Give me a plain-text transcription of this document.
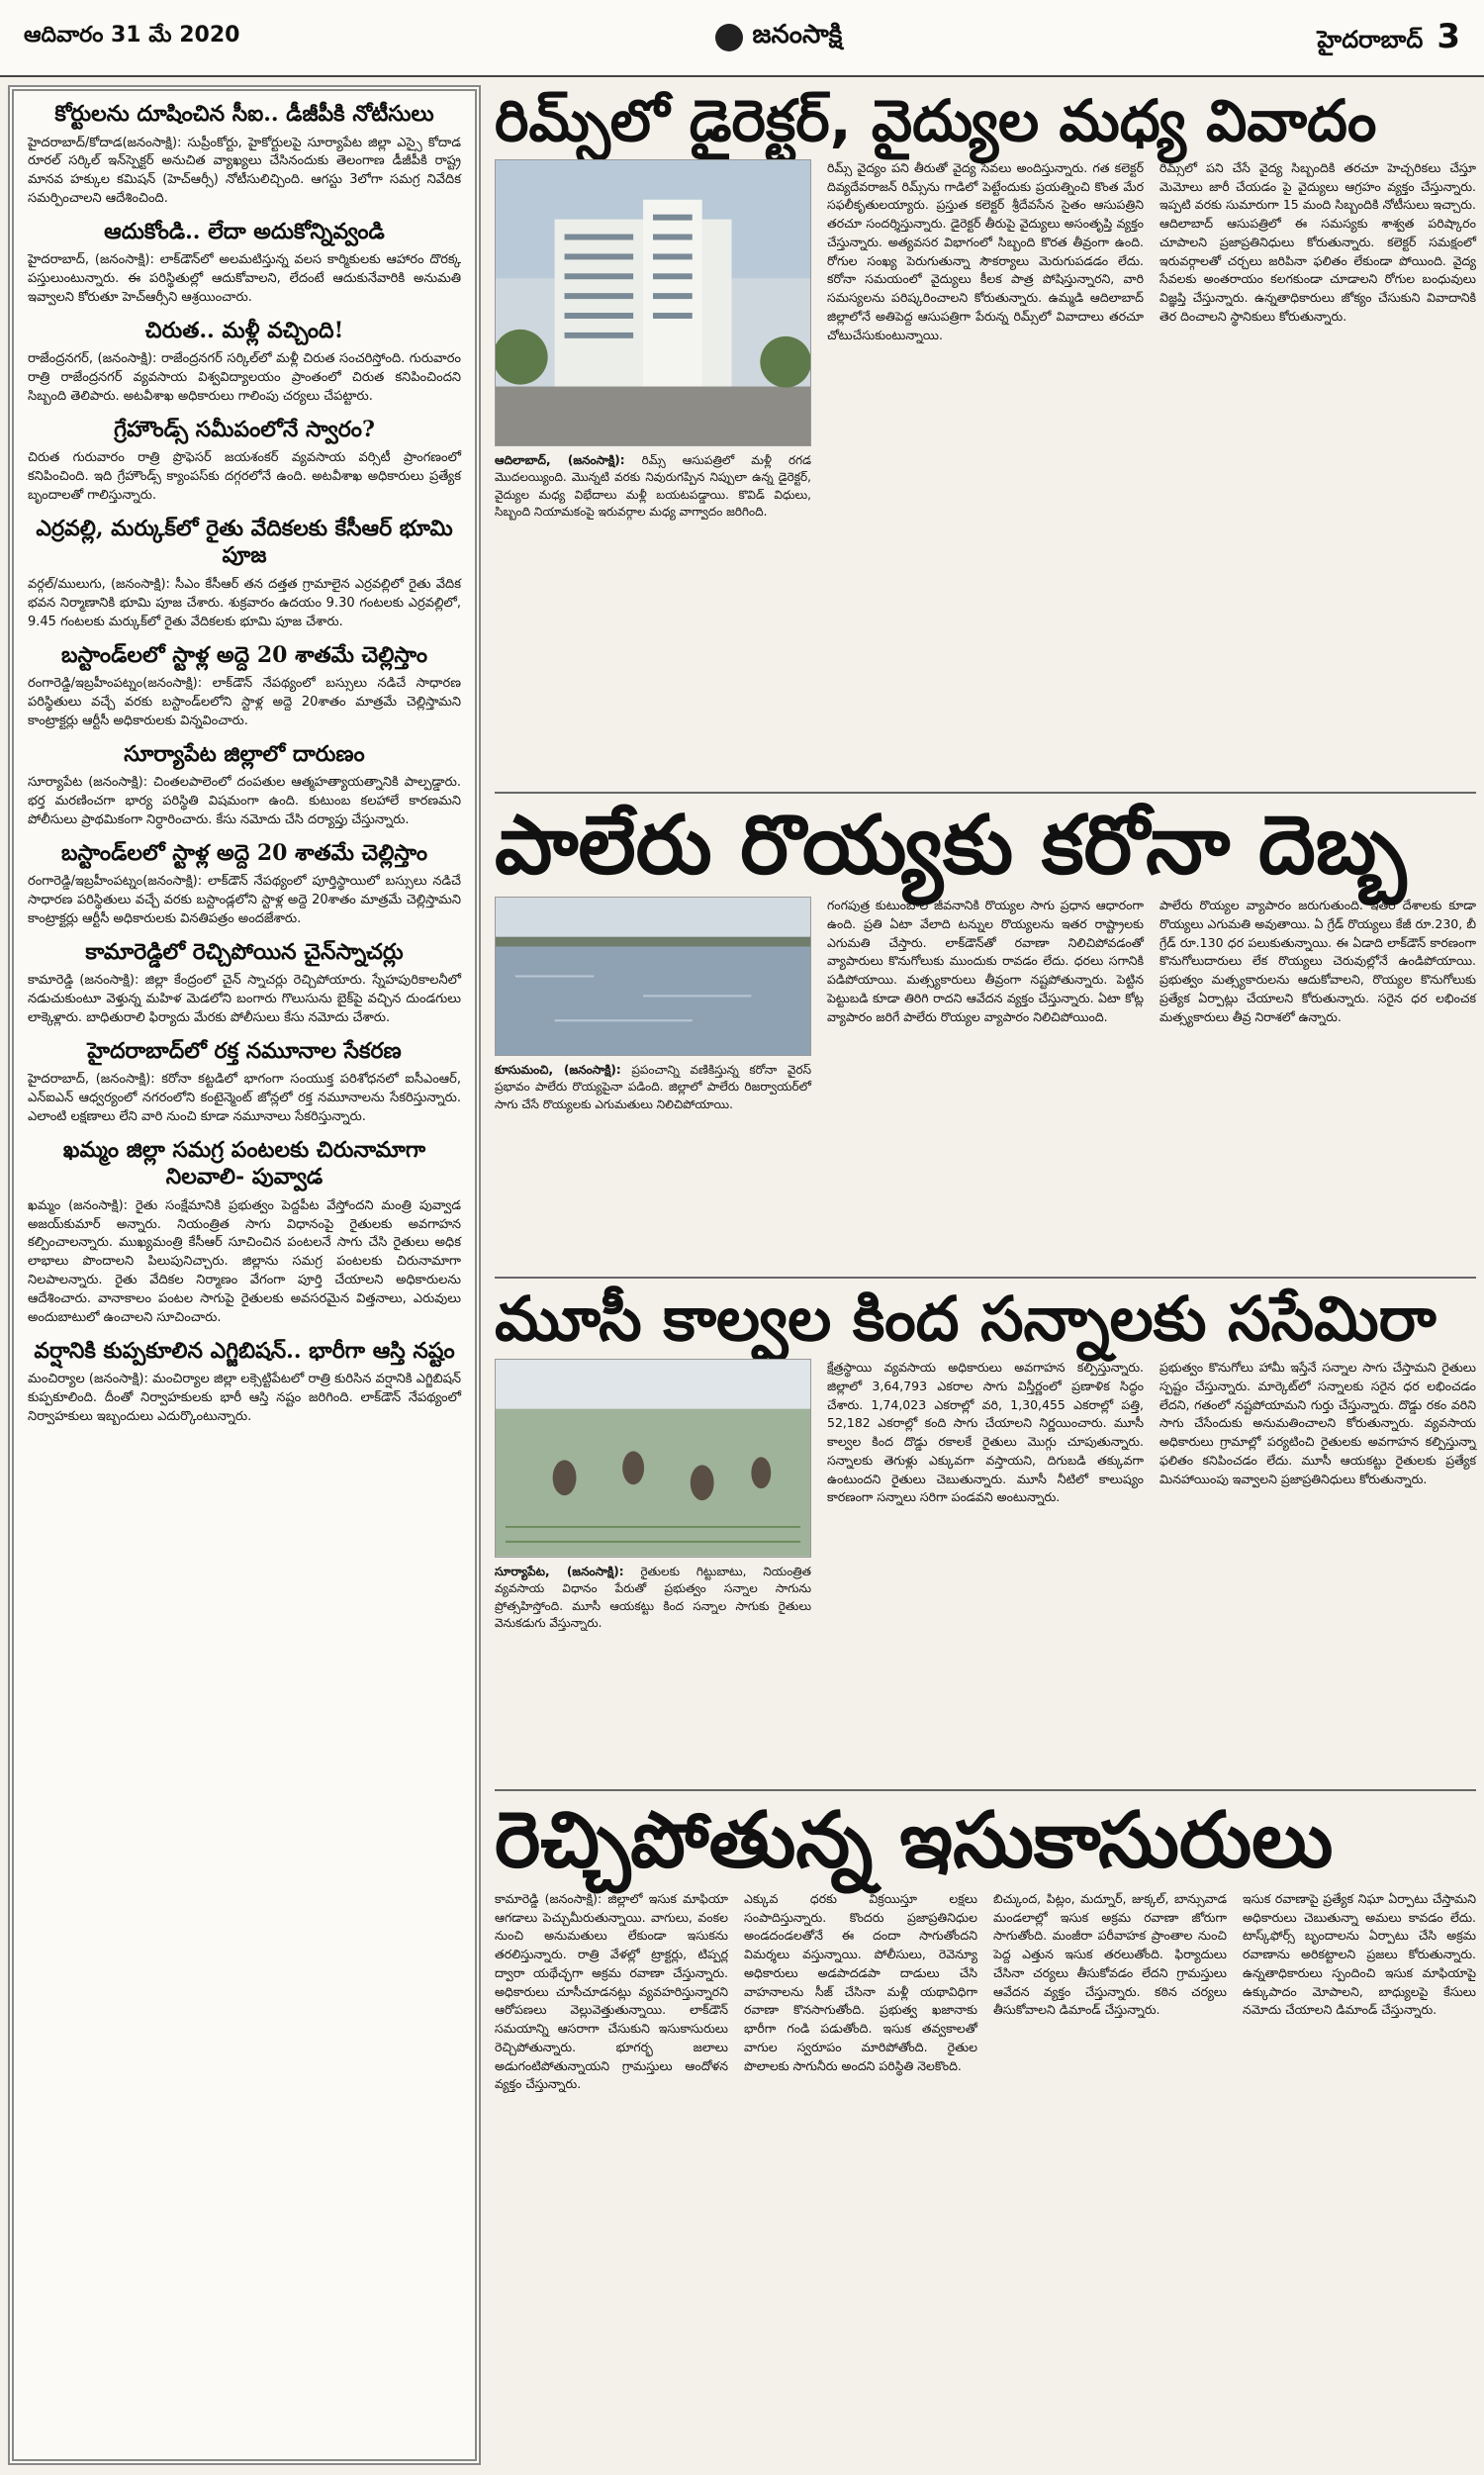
ఆదివారం 31 మే 2020	జనంసాక్షి	హైదరాబాద్ 3
కోర్టులను దూషించిన సీఐ.. డీజీపీకి నోటీసులు

హైదరాబాద్‌/కోదాడ(జనంసాక్షి): సుప్రీంకోర్టు, హైకోర్టులపై సూర్యాపేట జిల్లా ఎస్సై కోదాడ రూరల్ సర్కిల్ ఇన్‌స్పెక్టర్ అనుచిత వ్యాఖ్యలు చేసినందుకు తెలంగాణ డీజీపీకి రాష్ట్ర మానవ హక్కుల కమిషన్ (హెచ్ఆర్సీ) నోటీసులిచ్చింది. ఆగస్టు 3లోగా సమగ్ర నివేదిక సమర్పించాలని ఆదేశించింది.

ఆదుకోండి.. లేదా అదుకోన్నివ్వండి

హైదరాబాద్, (జనంసాక్షి): లాక్‌డౌన్‌లో అలమటిస్తున్న వలస కార్మికులకు ఆహారం దొరక్క పస్తులుంటున్నారు. ఈ పరిస్థితుల్లో ఆదుకోవాలని, లేదంటే ఆదుకునేవారికి అనుమతి ఇవ్వాలని కోరుతూ హెచ్ఆర్సీని ఆశ్రయించారు.

చిరుత.. మళ్లీ వచ్చింది!

రాజేంద్రనగర్, (జనంసాక్షి): రాజేంద్రనగర్ సర్కిల్‌లో మళ్లీ చిరుత సంచరిస్తోంది. గురువారం రాత్రి రాజేంద్రనగర్ వ్యవసాయ విశ్వవిద్యాలయం ప్రాంతంలో చిరుత కనిపించిందని సిబ్బంది తెలిపారు. అటవీశాఖ అధికారులు గాలింపు చర్యలు చేపట్టారు.

గ్రేహౌండ్స్ సమీపంలోనే స్వారం?

చిరుత గురువారం రాత్రి ప్రొఫెసర్ జయశంకర్ వ్యవసాయ వర్సిటీ ప్రాంగణంలో కనిపించింది. ఇది గ్రేహౌండ్స్ క్యాంపస్‌కు దగ్గరలోనే ఉంది. అటవీశాఖ అధికారులు ప్రత్యేక బృందాలతో గాలిస్తున్నారు.

ఎర్రవల్లి, మర్కుక్‌లో రైతు వేదికలకు కేసీఆర్ భూమి పూజ

వర్గల్/ములుగు, (జనంసాక్షి): సీఎం కేసీఆర్ తన దత్తత గ్రామాలైన ఎర్రవల్లిలో రైతు వేదిక భవన నిర్మాణానికి భూమి పూజ చేశారు. శుక్రవారం ఉదయం 9.30 గంటలకు ఎర్రవల్లిలో, 9.45 గంటలకు మర్కుక్‌లో రైతు వేదికలకు భూమి పూజ చేశారు.

బస్టాండ్‌లలో స్టాళ్ల అద్దె 20 శాతమే చెల్లిస్తాం

రంగారెడ్డి/ఇబ్రహీంపట్నం(జనంసాక్షి): లాక్‌డౌన్ నేపథ్యంలో బస్సులు నడిచే సాధారణ పరిస్థితులు వచ్చే వరకు బస్టాండ్‌లలోని స్టాళ్ల అద్దె 20శాతం మాత్రమే చెల్లిస్తామని కాంట్రాక్టర్లు ఆర్టీసీ అధికారులకు విన్నవించారు.

సూర్యాపేట జిల్లాలో దారుణం

సూర్యాపేట (జనంసాక్షి): చింతలపాలెంలో దంపతుల ఆత్మహత్యాయత్నానికి పాల్పడ్డారు. భర్త మరణించగా భార్య పరిస్థితి విషమంగా ఉంది. కుటుంబ కలహాలే కారణమని పోలీసులు ప్రాథమికంగా నిర్ధారించారు. కేసు నమోదు చేసి దర్యాప్తు చేస్తున్నారు.

బస్టాండ్‌లలో స్టాళ్ల అద్దె 20 శాతమే చెల్లిస్తాం

రంగారెడ్డి/ఇబ్రహీంపట్నం(జనంసాక్షి): లాక్‌డౌన్ నేపథ్యంలో పూర్తిస్థాయిలో బస్సులు నడిచే సాధారణ పరిస్థితులు వచ్చే వరకు బస్టాండ్లలోని స్టాళ్ల అద్దె 20శాతం మాత్రమే చెల్లిస్తామని కాంట్రాక్టర్లు ఆర్టీసీ అధికారులకు వినతిపత్రం అందజేశారు.

కామారెడ్డిలో రెచ్చిపోయిన చైన్‌స్నాచర్లు

కామారెడ్డి (జనంసాక్షి): జిల్లా కేంద్రంలో చైన్ స్నాచర్లు రెచ్చిపోయారు. స్నేహపురికాలనీలో నడుచుకుంటూ వెళ్తున్న మహిళ మెడలోని బంగారు గొలుసును బైక్‌పై వచ్చిన దుండగులు లాక్కెళ్లారు. బాధితురాలి ఫిర్యాదు మేరకు పోలీసులు కేసు నమోదు చేశారు.

హైదరాబాద్‌లో రక్త నమూనాల సేకరణ

హైదరాబాద్, (జనంసాక్షి): కరోనా కట్టడిలో భాగంగా సంయుక్త పరిశోధనలో ఐసీఎంఆర్, ఎన్ఐఎన్ ఆధ్వర్యంలో నగరంలోని కంటైన్మెంట్ జోన్లలో రక్త నమూనాలను సేకరిస్తున్నారు. ఎలాంటి లక్షణాలు లేని వారి నుంచి కూడా నమూనాలు సేకరిస్తున్నారు.

ఖమ్మం జిల్లా సమగ్ర పంటలకు చిరునామాగా నిలవాలి- పువ్వాడ

ఖమ్మం (జనంసాక్షి): రైతు సంక్షేమానికి ప్రభుత్వం పెద్దపీట వేస్తోందని మంత్రి పువ్వాడ అజయ్‌కుమార్ అన్నారు. నియంత్రిత సాగు విధానంపై రైతులకు అవగాహన కల్పించాలన్నారు. ముఖ్యమంత్రి కేసీఆర్ సూచించిన పంటలనే సాగు చేసి రైతులు అధిక లాభాలు పొందాలని పిలుపునిచ్చారు. జిల్లాను సమగ్ర పంటలకు చిరునామాగా నిలపాలన్నారు. రైతు వేదికల నిర్మాణం వేగంగా పూర్తి చేయాలని అధికారులను ఆదేశించారు. వానాకాలం పంటల సాగుపై రైతులకు అవసరమైన విత్తనాలు, ఎరువులు అందుబాటులో ఉంచాలని సూచించారు.

వర్షానికి కుప్పకూలిన ఎగ్జిబిషన్.. భారీగా ఆస్తి నష్టం

మంచిర్యాల (జనంసాక్షి): మంచిర్యాల జిల్లా లక్సెట్టిపేటలో రాత్రి కురిసిన వర్షానికి ఎగ్జిబిషన్ కుప్పకూలింది. దీంతో నిర్వాహకులకు భారీ ఆస్తి నష్టం జరిగింది. లాక్‌డౌన్ నేపథ్యంలో నిర్వాహకులు ఇబ్బందులు ఎదుర్కొంటున్నారు.

రిమ్స్‌లో డైరెక్టర్, వైద్యుల మధ్య వివాదం

ఆదిలాబాద్, (జనంసాక్షి): రిమ్స్ ఆసుపత్రిలో మళ్లీ రగడ మొదలయ్యింది. మొన్నటి వరకు నివురుగప్పిన నిప్పులా ఉన్న డైరెక్టర్, వైద్యుల మధ్య విభేదాలు మళ్లీ బయటపడ్డాయి. కొవిడ్ విధులు, సిబ్బంది నియామకంపై ఇరువర్గాల మధ్య వాగ్వాదం జరిగింది.

రిమ్స్ వైద్యం పని తీరుతో వైద్య సేవలు అందిస్తున్నారు. గత కలెక్టర్ దివ్యదేవరాజన్ రిమ్స్‌ను గాడిలో పెట్టేందుకు ప్రయత్నించి కొంత మేర సఫలీకృతులయ్యారు. ప్రస్తుత కలెక్టర్ శ్రీదేవసేన సైతం ఆసుపత్రిని తరచూ సందర్శిస్తున్నారు. డైరెక్టర్ తీరుపై వైద్యులు అసంతృప్తి వ్యక్తం చేస్తున్నారు. అత్యవసర విభాగంలో సిబ్బంది కొరత తీవ్రంగా ఉంది. రోగుల సంఖ్య పెరుగుతున్నా సౌకర్యాలు మెరుగుపడడం లేదు. కరోనా సమయంలో వైద్యులు కీలక పాత్ర పోషిస్తున్నారని, వారి సమస్యలను పరిష్కరించాలని కోరుతున్నారు. ఉమ్మడి ఆదిలాబాద్ జిల్లాలోనే అతిపెద్ద ఆసుపత్రిగా పేరున్న రిమ్స్‌లో వివాదాలు తరచూ చోటుచేసుకుంటున్నాయి.
రిమ్స్‌లో పని చేసే వైద్య సిబ్బందికి తరచూ హెచ్చరికలు చేస్తూ మెమోలు జారీ చేయడం పై వైద్యులు ఆగ్రహం వ్యక్తం చేస్తున్నారు. ఇప్పటి వరకు సుమారుగా 15 మంది సిబ్బందికి నోటీసులు ఇచ్చారు. ఆదిలాబాద్ ఆసుపత్రిలో ఈ సమస్యకు శాశ్వత పరిష్కారం చూపాలని ప్రజాప్రతినిధులు కోరుతున్నారు. కలెక్టర్ సమక్షంలో ఇరువర్గాలతో చర్చలు జరిపినా ఫలితం లేకుండా పోయింది. వైద్య సేవలకు అంతరాయం కలగకుండా చూడాలని రోగుల బంధువులు విజ్ఞప్తి చేస్తున్నారు. ఉన్నతాధికారులు జోక్యం చేసుకుని వివాదానికి తెర దించాలని స్థానికులు కోరుతున్నారు.
పాలేరు రొయ్యకు కరోనా దెబ్బ

కూసుమంచి, (జనంసాక్షి): ప్రపంచాన్ని వణికిస్తున్న కరోనా వైరస్ ప్రభావం పాలేరు రొయ్యపైనా పడింది. జిల్లాలో పాలేరు రిజర్వాయర్‌లో సాగు చేసే రొయ్యలకు ఎగుమతులు నిలిచిపోయాయి.

గంగపుత్ర కుటుంబాల జీవనానికి రొయ్యల సాగు ప్రధాన ఆధారంగా ఉంది. ప్రతి ఏటా వేలాది టన్నుల రొయ్యలను ఇతర రాష్ట్రాలకు ఎగుమతి చేస్తారు. లాక్‌డౌన్‌తో రవాణా నిలిచిపోవడంతో వ్యాపారులు కొనుగోలుకు ముందుకు రావడం లేదు. ధరలు సగానికి పడిపోయాయి. మత్స్యకారులు తీవ్రంగా నష్టపోతున్నారు. పెట్టిన పెట్టుబడి కూడా తిరిగి రాదని ఆవేదన వ్యక్తం చేస్తున్నారు. ఏటా కోట్ల వ్యాపారం జరిగే పాలేరు రొయ్యల వ్యాపారం నిలిచిపోయింది.
పాలేరు రొయ్యల వ్యాపారం జరుగుతుంది. ఇతర దేశాలకు కూడా రొయ్యలు ఎగుమతి అవుతాయి. ఏ గ్రేడ్ రొయ్యలు కేజీ రూ.230, బీ గ్రేడ్ రూ.130 ధర పలుకుతున్నాయి. ఈ ఏడాది లాక్‌డౌన్ కారణంగా కొనుగోలుదారులు లేక రొయ్యలు చెరువుల్లోనే ఉండిపోయాయి. ప్రభుత్వం మత్స్యకారులను ఆదుకోవాలని, రొయ్యల కొనుగోలుకు ప్రత్యేక ఏర్పాట్లు చేయాలని కోరుతున్నారు. సరైన ధర లభించక మత్స్యకారులు తీవ్ర నిరాశలో ఉన్నారు.
మూసీ కాల్వల కింద సన్నాలకు ససేమిరా

సూర్యాపేట, (జనంసాక్షి): రైతులకు గిట్టుబాటు, నియంత్రిత వ్యవసాయ విధానం పేరుతో ప్రభుత్వం సన్నాల సాగును ప్రోత్సహిస్తోంది. మూసీ ఆయకట్టు కింద సన్నాల సాగుకు రైతులు వెనుకడుగు వేస్తున్నారు.

క్షేత్రస్థాయి వ్యవసాయ అధికారులు అవగాహన కల్పిస్తున్నారు. జిల్లాలో 3,64,793 ఎకరాల సాగు విస్తీర్ణంలో ప్రణాళిక సిద్ధం చేశారు. 1,74,023 ఎకరాల్లో వరి, 1,30,455 ఎకరాల్లో పత్తి, 52,182 ఎకరాల్లో కంది సాగు చేయాలని నిర్ణయించారు. మూసీ కాల్వల కింద దొడ్డు రకాలకే రైతులు మొగ్గు చూపుతున్నారు. సన్నాలకు తెగుళ్లు ఎక్కువగా వస్తాయని, దిగుబడి తక్కువగా ఉంటుందని రైతులు చెబుతున్నారు. మూసీ నీటిలో కాలుష్యం కారణంగా సన్నాలు సరిగా పండవని అంటున్నారు.
ప్రభుత్వం కొనుగోలు హామీ ఇస్తేనే సన్నాల సాగు చేస్తామని రైతులు స్పష్టం చేస్తున్నారు. మార్కెట్‌లో సన్నాలకు సరైన ధర లభించడం లేదని, గతంలో నష్టపోయామని గుర్తు చేస్తున్నారు. దొడ్డు రకం వరిని సాగు చేసేందుకు అనుమతించాలని కోరుతున్నారు. వ్యవసాయ అధికారులు గ్రామాల్లో పర్యటించి రైతులకు అవగాహన కల్పిస్తున్నా ఫలితం కనిపించడం లేదు. మూసీ ఆయకట్టు రైతులకు ప్రత్యేక మినహాయింపు ఇవ్వాలని ప్రజాప్రతినిధులు కోరుతున్నారు.
రెచ్చిపోతున్న ఇసుకాసురులు
కామారెడ్డి (జనంసాక్షి): జిల్లాలో ఇసుక మాఫియా ఆగడాలు పెచ్చుమీరుతున్నాయి. వాగులు, వంకల నుంచి అనుమతులు లేకుండా ఇసుకను తరలిస్తున్నారు. రాత్రి వేళల్లో ట్రాక్టర్లు, టిప్పర్ల ద్వారా యథేచ్ఛగా అక్రమ రవాణా చేస్తున్నారు. అధికారులు చూసీచూడనట్లు వ్యవహరిస్తున్నారని ఆరోపణలు వెల్లువెత్తుతున్నాయి. లాక్‌డౌన్ సమయాన్ని ఆసరాగా చేసుకుని ఇసుకాసురులు రెచ్చిపోతున్నారు. భూగర్భ జలాలు అడుగంటిపోతున్నాయని గ్రామస్తులు ఆందోళన వ్యక్తం చేస్తున్నారు.
ఎక్కువ ధరకు విక్రయిస్తూ లక్షలు సంపాదిస్తున్నారు. కొందరు ప్రజాప్రతినిధుల అండదండలతోనే ఈ దందా సాగుతోందని విమర్శలు వస్తున్నాయి. పోలీసులు, రెవెన్యూ అధికారులు అడపాదడపా దాడులు చేసి వాహనాలను సీజ్ చేసినా మళ్లీ యథావిధిగా రవాణా కొనసాగుతోంది. ప్రభుత్వ ఖజానాకు భారీగా గండి పడుతోంది. ఇసుక తవ్వకాలతో వాగుల స్వరూపం మారిపోతోంది. రైతుల పొలాలకు సాగునీరు అందని పరిస్థితి నెలకొంది.
బిచ్కుంద, పిట్లం, మద్నూర్, జుక్కల్, బాన్సువాడ మండలాల్లో ఇసుక అక్రమ రవాణా జోరుగా సాగుతోంది. మంజీరా పరీవాహక ప్రాంతాల నుంచి పెద్ద ఎత్తున ఇసుక తరలుతోంది. ఫిర్యాదులు చేసినా చర్యలు తీసుకోవడం లేదని గ్రామస్తులు ఆవేదన వ్యక్తం చేస్తున్నారు. కఠిన చర్యలు తీసుకోవాలని డిమాండ్ చేస్తున్నారు.
ఇసుక రవాణాపై ప్రత్యేక నిఘా ఏర్పాటు చేస్తామని అధికారులు చెబుతున్నా అమలు కావడం లేదు. టాస్క్‌ఫోర్స్ బృందాలను ఏర్పాటు చేసి అక్రమ రవాణాను అరికట్టాలని ప్రజలు కోరుతున్నారు. ఉన్నతాధికారులు స్పందించి ఇసుక మాఫియాపై ఉక్కుపాదం మోపాలని, బాధ్యులపై కేసులు నమోదు చేయాలని డిమాండ్ చేస్తున్నారు.
